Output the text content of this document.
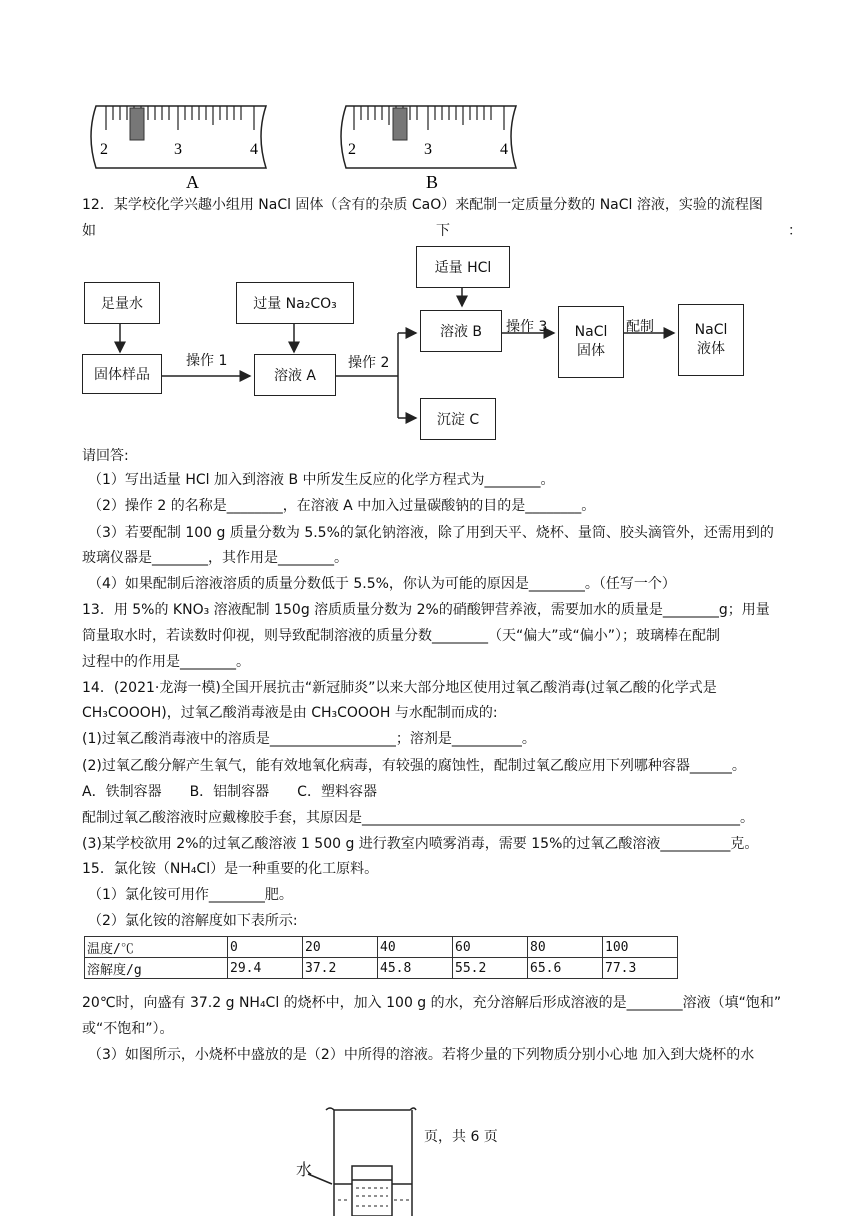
2	3	4
A
2	3	4
B
12．某学校化学兴趣小组用 NaCl 固体（含有的杂质 CaO）来配制一定质量分数的 NaCl 溶液，实验的流程图
如	下	：
足量水
固体样品
操作 1
过量 Na₂CO₃
溶液 A
操作 2
适量 HCl
溶液 B	操作 3 NaCl
固体
配制	NaCl
液体
沉淀 C
请回答:
（1）写出适量 HCl 加入到溶液 B 中所发生反应的化学方程式为________。
（2）操作 2 的名称是________，在溶液 A 中加入过量碳酸钠的目的是________。
（3）若要配制 100 g 质量分数为 5.5%的氯化钠溶液，除了用到天平、烧杯、量筒、胶头滴管外，还需用到的
玻璃仪器是________，其作用是________。
（4）如果配制后溶液溶质的质量分数低于 5.5%，你认为可能的原因是________。（任写一个）
13．用 5%的 KNO₃ 溶液配制 150g 溶质质量分数为 2%的硝酸钾营养液，需要加水的质量是________g；用量
筒量取水时，若读数时仰视，则导致配制溶液的质量分数________（天“偏大”或“偏小”）；玻璃棒在配制
过程中的作用是________。
14．(2021·龙海一模)全国开展抗击“新冠肺炎”以来大部分地区使用过氧乙酸消毒(过氧乙酸的化学式是
CH₃COOOH)，过氧乙酸消毒液是由 CH₃COOOH 与水配制而成的:
(1)过氧乙酸消毒液中的溶质是__________________；溶剂是__________。
(2)过氧乙酸分解产生氧气，能有效地氧化病毒，有较强的腐蚀性，配制过氧乙酸应用下列哪种容器______。
A．铁制容器　　B．铝制容器　　C．塑料容器
配制过氧乙酸溶液时应戴橡胶手套，其原因是______________________________________________________。
(3)某学校欲用 2%的过氧乙酸溶液 1 500 g 进行教室内喷雾消毒，需要 15%的过氧乙酸溶液__________克。
15．氯化铵（NH₄Cl）是一种重要的化工原料。
（1）氯化铵可用作________肥。
（2）氯化铵的溶解度如下表所示:
温度/℃	0	20	40	60	80	100
溶解度/g	29.4	37.2	45.8	55.2	65.6	77.3
20℃时，向盛有 37.2 g NH₄Cl 的烧杯中，加入 100 g 的水，充分溶解后形成溶液的是________溶液（填“饱和”
或“不饱和”）。
（3）如图所示，小烧杯中盛放的是（2）中所得的溶液。若将少量的下列物质分别小心地 加入到大烧杯的水
水
页，共 6 页
